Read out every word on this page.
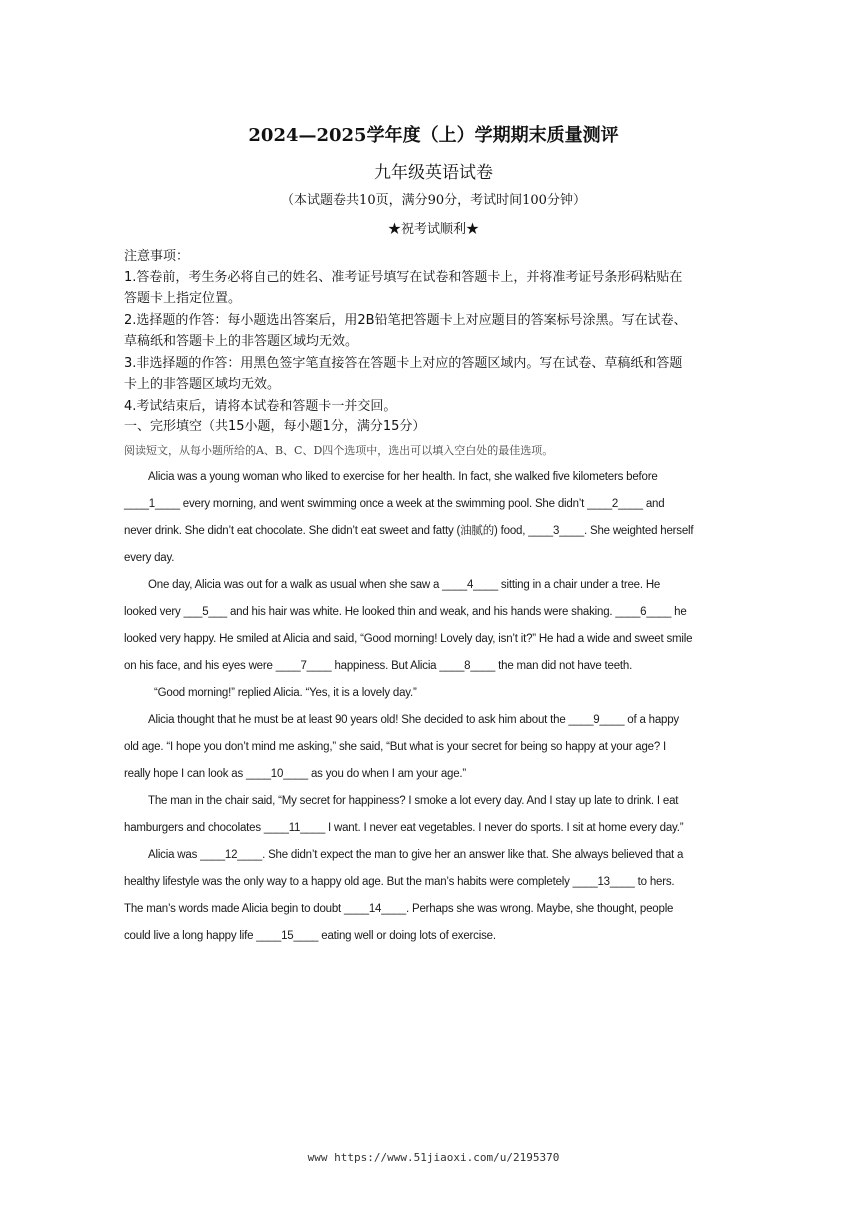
2024—2025学年度（上）学期期末质量测评
九年级英语试卷
（本试题卷共10页，满分90分，考试时间100分钟）
★祝考试顺利★
注意事项：
1.答卷前，考生务必将自己的姓名、准考证号填写在试卷和答题卡上，并将准考证号条形码粘贴在答题卡上指定位置。
2.选择题的作答：每小题选出答案后，用2B铅笔把答题卡上对应题目的答案标号涂黑。写在试卷、草稿纸和答题卡上的非答题区域均无效。
3.非选择题的作答：用黑色签字笔直接答在答题卡上对应的答题区域内。写在试卷、草稿纸和答题卡上的非答题区域均无效。
4.考试结束后，请将本试卷和答题卡一并交回。
一、完形填空（共15小题，每小题1分，满分15分）
阅读短文，从每小题所给的A、B、C、D四个选项中，选出可以填入空白处的最佳选项。
Alicia was a young woman who liked to exercise for her health. In fact, she walked five kilometers before ____1____ every morning, and went swimming once a week at the swimming pool. She didn’t ____2____ and never drink. She didn’t eat chocolate. She didn’t eat sweet and fatty (油腻的) food, ____3____. She weighted herself every day.
One day, Alicia was out for a walk as usual when she saw a ____4____ sitting in a chair under a tree. He looked very ___5___ and his hair was white. He looked thin and weak, and his hands were shaking. ____6____ he looked very happy. He smiled at Alicia and said, “Good morning! Lovely day, isn’t it?” He had a wide and sweet smile on his face, and his eyes were ____7____ happiness. But Alicia ____8____ the man did not have teeth.
“Good morning!” replied Alicia. “Yes, it is a lovely day.”
Alicia thought that he must be at least 90 years old! She decided to ask him about the ____9____ of a happy old age. “I hope you don’t mind me asking,” she said, “But what is your secret for being so happy at your age? I really hope I can look as ____10____ as you do when I am your age.”
The man in the chair said, “My secret for happiness? I smoke a lot every day. And I stay up late to drink. I eat hamburgers and chocolates ____11____ I want. I never eat vegetables. I never do sports. I sit at home every day.”
Alicia was ____12____. She didn’t expect the man to give her an answer like that. She always believed that a healthy lifestyle was the only way to a happy old age. But the man’s habits were completely ____13____ to hers. The man’s words made Alicia begin to doubt ____14____. Perhaps she was wrong. Maybe, she thought, people could live a long happy life ____15____ eating well or doing lots of exercise.
www https://www.51jiaoxi.com/u/2195370
